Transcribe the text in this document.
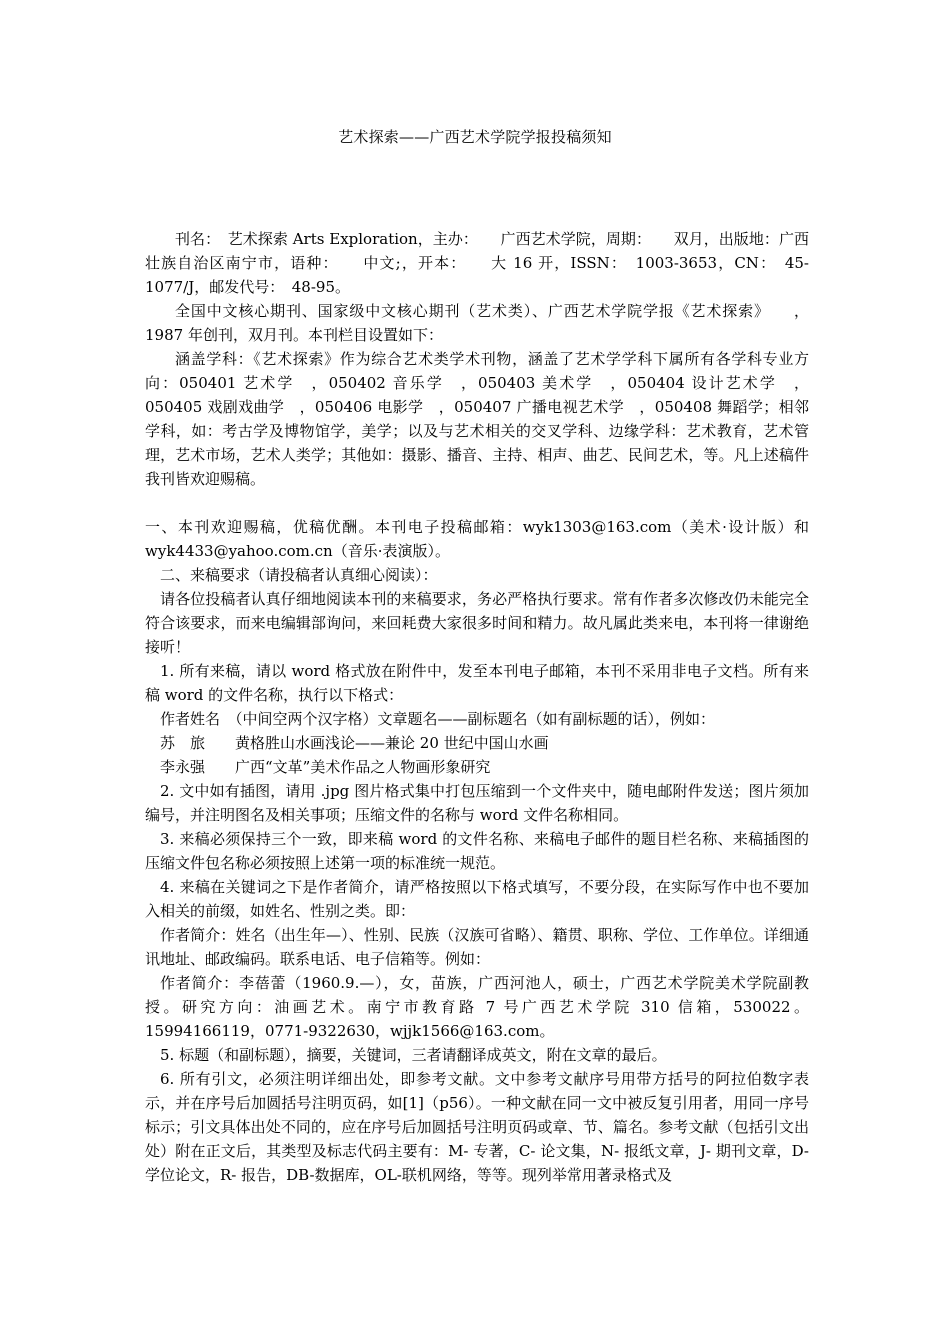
艺术探索——广西艺术学院学报投稿须知

刊名：　艺术探索 Arts Exploration，主办：　　广西艺术学院，周期：　　双月，出版地：广西壮族自治区南宁市，语种：　　中文;，开本：　　大 16 开，ISSN：　1003-3653，CN：　45-1077/J，邮发代号：　48-95。

全国中文核心期刊、国家级中文核心期刊（艺术类）、广西艺术学院学报《艺术探索》　　，1987 年创刊，双月刊。本刊栏目设置如下：

涵盖学科：《艺术探索》作为综合艺术类学术刊物，涵盖了艺术学学科下属所有各学科专业方向：050401 艺术学　，050402 音乐学　，050403 美术学　，050404 设计艺术学　，050405 戏剧戏曲学　，050406 电影学　，050407 广播电视艺术学　，050408 舞蹈学；相邻学科，如：考古学及博物馆学，美学；以及与艺术相关的交叉学科、边缘学科：艺术教育，艺术管理，艺术市场，艺术人类学；其他如：摄影、播音、主持、相声、曲艺、民间艺术，等。凡上述稿件我刊皆欢迎赐稿。

一、本刊欢迎赐稿，优稿优酬。本刊电子投稿邮箱：wyk1303@163.com（美术·设计版）和 wyk4433@yahoo.com.cn（音乐·表演版）。

二、来稿要求（请投稿者认真细心阅读）：

请各位投稿者认真仔细地阅读本刊的来稿要求，务必严格执行要求。常有作者多次修改仍未能完全符合该要求，而来电编辑部询问，来回耗费大家很多时间和精力。故凡属此类来电，本刊将一律谢绝接听！

1. 所有来稿，请以 word 格式放在附件中，发至本刊电子邮箱，本刊不采用非电子文档。所有来稿 word 的文件名称，执行以下格式：

作者姓名　（中间空两个汉字格）文章题名——副标题名（如有副标题的话），例如：

苏　旅　　黄格胜山水画浅论——兼论 20 世纪中国山水画

李永强　　广西“文革”美术作品之人物画形象研究

2. 文中如有插图，请用 .jpg 图片格式集中打包压缩到一个文件夹中，随电邮附件发送；图片须加编号，并注明图名及相关事项；压缩文件的名称与 word 文件名称相同。

3. 来稿必须保持三个一致，即来稿 word 的文件名称、来稿电子邮件的题目栏名称、来稿插图的压缩文件包名称必须按照上述第一项的标准统一规范。

4. 来稿在关键词之下是作者简介，请严格按照以下格式填写，不要分段，在实际写作中也不要加入相关的前缀，如姓名、性别之类。即：

作者简介：姓名（出生年—）、性别、民族（汉族可省略）、籍贯、职称、学位、工作单位。详细通讯地址、邮政编码。联系电话、电子信箱等。例如：

作者简介：李蓓蕾（1960.9.—），女，苗族，广西河池人，硕士，广西艺术学院美术学院副教授。研究方向：油画艺术。南宁市教育路 7 号广西艺术学院 310 信箱，530022。15994166119，0771-9322630，wjjk1566@163.com。

5. 标题（和副标题），摘要，关键词，三者请翻译成英文，附在文章的最后。

6. 所有引文，必须注明详细出处，即参考文献。文中参考文献序号用带方括号的阿拉伯数字表示，并在序号后加圆括号注明页码，如[1]（p56）。一种文献在同一文中被反复引用者，用同一序号标示；引文具体出处不同的，应在序号后加圆括号注明页码或章、节、篇名。参考文献（包括引文出处）附在正文后，其类型及标志代码主要有：M- 专著，C- 论文集，N- 报纸文章，J- 期刊文章，D- 学位论文，R- 报告，DB-数据库，OL-联机网络，等等。现列举常用著录格式及
